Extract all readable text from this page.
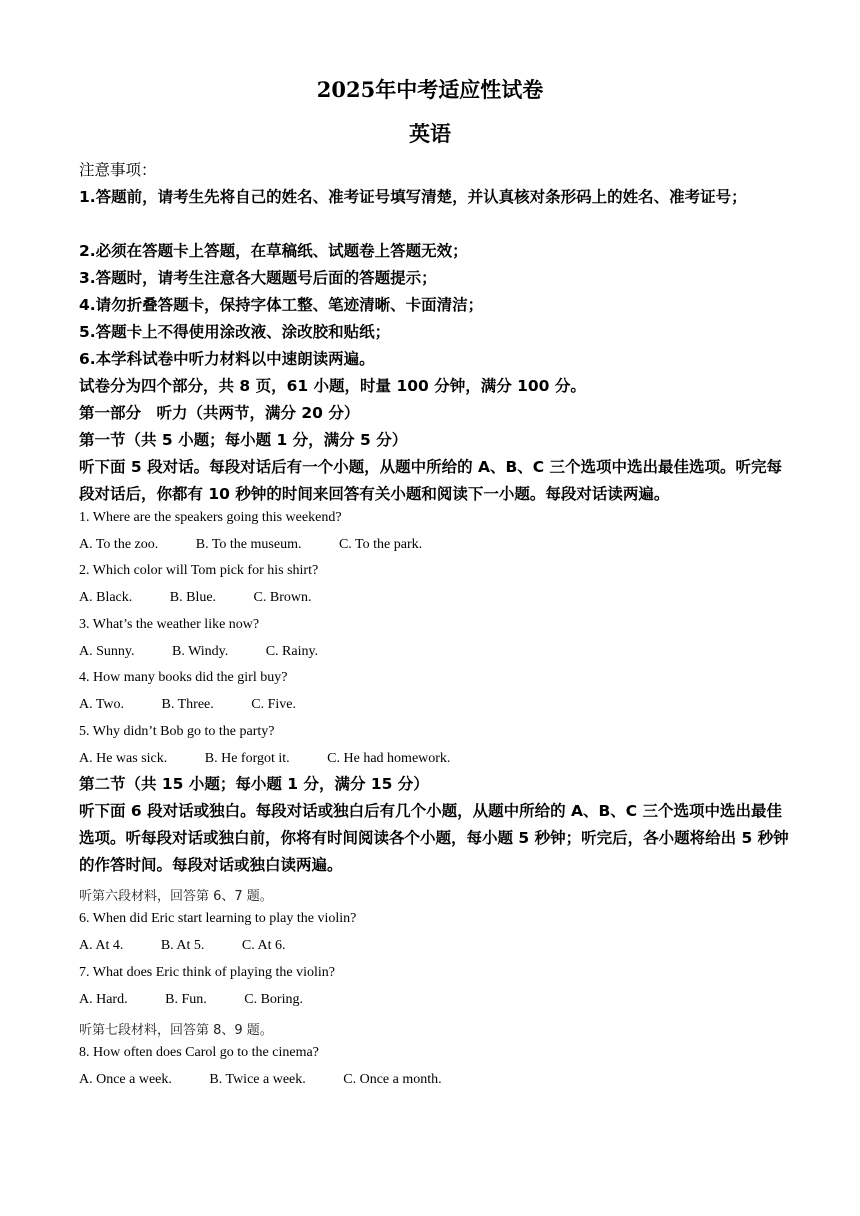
2025年中考适应性试卷
英语
注意事项：
1.答题前，请考生先将自己的姓名、准考证号填写清楚，并认真核对条形码上的姓名、准考证号；
2.必须在答题卡上答题，在草稿纸、试题卷上答题无效；
3.答题时，请考生注意各大题题号后面的答题提示；
4.请勿折叠答题卡，保持字体工整、笔迹清晰、卡面清洁；
5.答题卡上不得使用涂改液、涂改胶和贴纸；
6.本学科试卷中听力材料以中速朗读两遍。
试卷分为四个部分，共 8 页，61 小题，时量 100 分钟，满分 100 分。
第一部分　听力（共两节，满分 20 分）
第一节（共 5 小题；每小题 1 分，满分 5 分）
听下面 5 段对话。每段对话后有一个小题，从题中所给的 A、B、C 三个选项中选出最佳选项。听完每段对话后，你都有 10 秒钟的时间来回答有关小题和阅读下一小题。每段对话读两遍。
1. Where are the speakers going this weekend?
A. To the zoo.	B. To the museum.	C. To the park.
2. Which color will Tom pick for his shirt?
A. Black.	B. Blue.	C. Brown.
3. What’s the weather like now?
A. Sunny.	B. Windy.	C. Rainy.
4. How many books did the girl buy?
A. Two.	B. Three.	C. Five.
5. Why didn’t Bob go to the party?
A. He was sick.	B. He forgot it.	C. He had homework.
第二节（共 15 小题；每小题 1 分，满分 15 分）
听下面 6 段对话或独白。每段对话或独白后有几个小题，从题中所给的 A、B、C 三个选项中选出最佳选项。听每段对话或独白前，你将有时间阅读各个小题，每小题 5 秒钟；听完后，各小题将给出 5 秒钟的作答时间。每段对话或独白读两遍。
听第六段材料，回答第 6、7 题。
6. When did Eric start learning to play the violin?
A. At 4.	B. At 5.	C. At 6.
7. What does Eric think of playing the violin?
A. Hard.	B. Fun.	C. Boring.
听第七段材料，回答第 8、9 题。
8. How often does Carol go to the cinema?
A. Once a week.	B. Twice a week.	C. Once a month.
